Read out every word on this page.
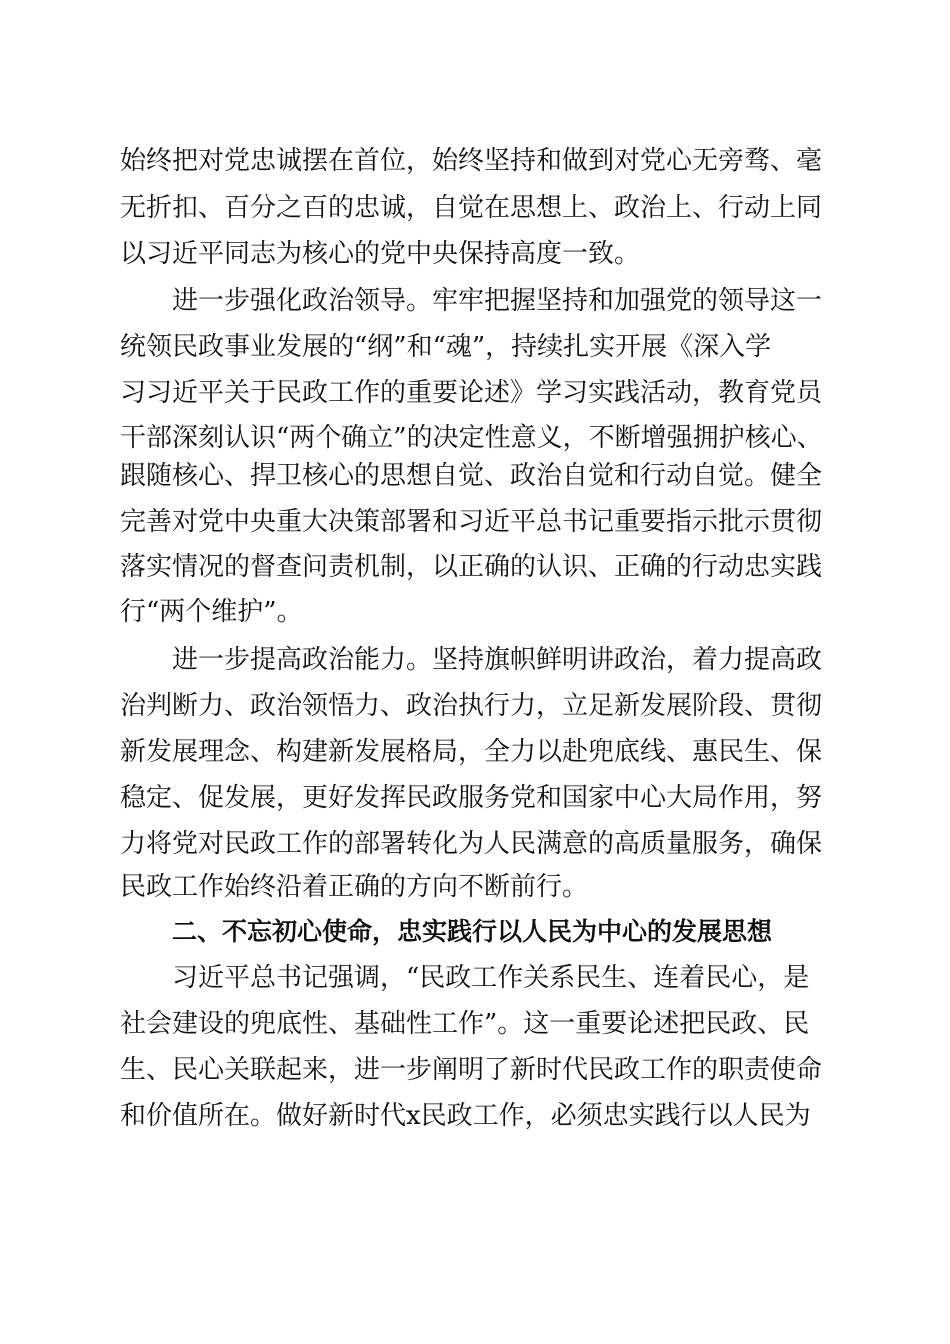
始终把对党忠诚摆在首位，始终坚持和做到对党心无旁骛、毫

无折扣、百分之百的忠诚，自觉在思想上、政治上、行动上同

以习近平同志为核心的党中央保持高度一致。

进一步强化政治领导。牢牢把握坚持和加强党的领导这一

统领民政事业发展的“纲”和“魂”，持续扎实开展《深入学

习习近平关于民政工作的重要论述》学习实践活动，教育党员

干部深刻认识“两个确立”的决定性意义，不断增强拥护核心、

跟随核心、捍卫核心的思想自觉、政治自觉和行动自觉。健全

完善对党中央重大决策部署和习近平总书记重要指示批示贯彻

落实情况的督查问责机制，以正确的认识、正确的行动忠实践

行“两个维护”。

进一步提高政治能力。坚持旗帜鲜明讲政治，着力提高政

治判断力、政治领悟力、政治执行力，立足新发展阶段、贯彻

新发展理念、构建新发展格局，全力以赴兜底线、惠民生、保

稳定、促发展，更好发挥民政服务党和国家中心大局作用，努

力将党对民政工作的部署转化为人民满意的高质量服务，确保

民政工作始终沿着正确的方向不断前行。

二、不忘初心使命，忠实践行以人民为中心的发展思想

习近平总书记强调，“民政工作关系民生、连着民心，是

社会建设的兜底性、基础性工作”。这一重要论述把民政、民

生、民心关联起来，进一步阐明了新时代民政工作的职责使命

和价值所在。做好新时代x民政工作，必须忠实践行以人民为
